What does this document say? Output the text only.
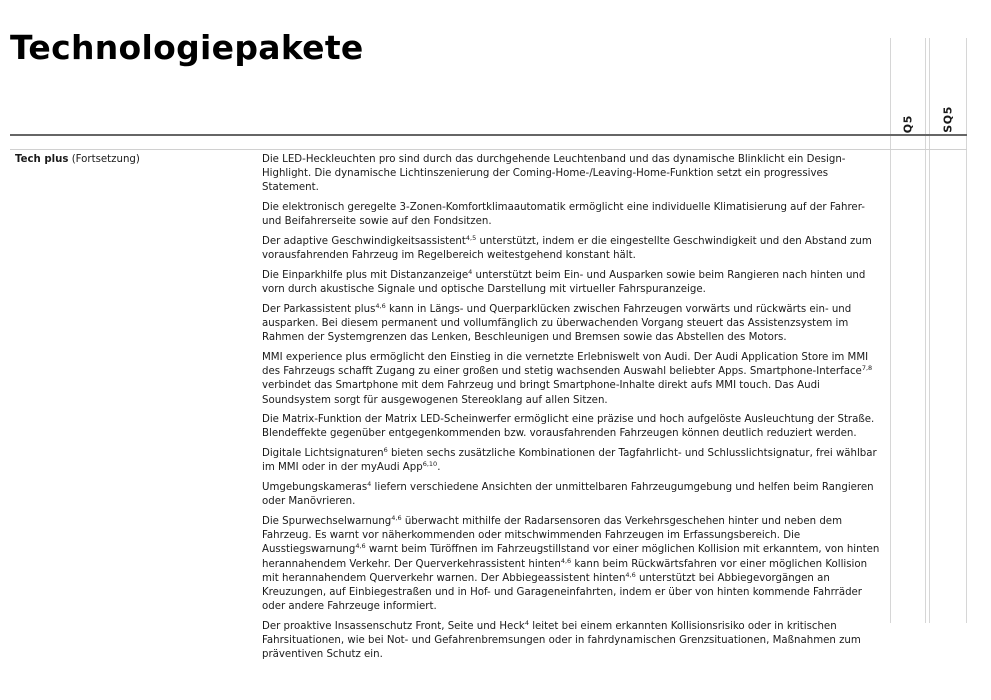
Technologiepakete
Q5 SQ5
Tech plus (Fortsetzung)	Die LED-Heckleuchten pro sind durch das durchgehende Leuchtenband und das dynamische Blinklicht ein Design-Highlight. Die dynamische Lichtinszenierung der Coming-Home-/Leaving-Home-Funktion setzt ein progressives Statement.

Die elektronisch geregelte 3-Zonen-Komfortklimaautomatik ermöglicht eine individuelle Klimatisierung auf der Fahrer- und Beifahrerseite sowie auf den Fondsitzen.

Der adaptive Geschwindigkeitsassistent$^{4,5}$ unterstützt, indem er die eingestellte Geschwindigkeit und den Abstand zum vorausfahrenden Fahrzeug im Regelbereich weitestgehend konstant hält.

Die Einparkhilfe plus mit Distanzanzeige$^4$ unterstützt beim Ein- und Ausparken sowie beim Rangieren nach hinten und vorn durch akustische Signale und optische Darstellung mit virtueller Fahrspuranzeige.

Der Parkassistent plus$^{4,6}$ kann in Längs- und Querparklücken zwischen Fahrzeugen vorwärts und rückwärts ein- und ausparken. Bei diesem permanent und vollumfänglich zu überwachenden Vorgang steuert das Assistenzsystem im Rahmen der Systemgrenzen das Lenken, Beschleunigen und Bremsen sowie das Abstellen des Motors.

MMI experience plus ermöglicht den Einstieg in die vernetzte Erlebniswelt von Audi. Der Audi Application Store im MMI des Fahrzeugs schafft Zugang zu einer großen und stetig wachsenden Auswahl beliebter Apps. Smartphone-Interface$^{7,8}$ verbindet das Smartphone mit dem Fahrzeug und bringt Smartphone-Inhalte direkt aufs MMI touch. Das Audi Soundsystem sorgt für ausgewogenen Stereoklang auf allen Sitzen.

Die Matrix-Funktion der Matrix LED-Scheinwerfer ermöglicht eine präzise und hoch aufgelöste Ausleuchtung der Straße. Blendeffekte gegenüber entgegenkommenden bzw. vorausfahrenden Fahrzeugen können deutlich reduziert werden.

Digitale Lichtsignaturen$^6$ bieten sechs zusätzliche Kombinationen der Tagfahrlicht- und Schlusslichtsignatur, frei wählbar im MMI oder in der myAudi App$^{6,10}$.

Umgebungskameras$^4$ liefern verschiedene Ansichten der unmittelbaren Fahrzeugumgebung und helfen beim Rangieren oder Manövrieren.

Die Spurwechselwarnung$^{4,6}$ überwacht mithilfe der Radarsensoren das Verkehrsgeschehen hinter und neben dem Fahrzeug. Es warnt vor näherkommenden oder mitschwimmenden Fahrzeugen im Erfassungsbereich. Die Ausstiegswarnung$^{4,6}$ warnt beim Türöffnen im Fahrzeugstillstand vor einer möglichen Kollision mit erkanntem, von hinten herannahendem Verkehr. Der Querverkehrassistent hinten$^{4,6}$ kann beim Rückwärtsfahren vor einer möglichen Kollision mit herannahendem Querverkehr warnen. Der Abbiegeassistent hinten$^{4,6}$ unterstützt bei Abbiegevorgängen an Kreuzungen, auf Einbiegestraßen und in Hof- und Garageneinfahrten, indem er über von hinten kommende Fahrräder oder andere Fahrzeuge informiert.

Der proaktive Insassenschutz Front, Seite und Heck$^4$ leitet bei einem erkannten Kollisionsrisiko oder in kritischen Fahrsituationen, wie bei Not- und Gefahrenbremsungen oder in fahrdynamischen Grenzsituationen, Maßnahmen zum präventiven Schutz ein.
